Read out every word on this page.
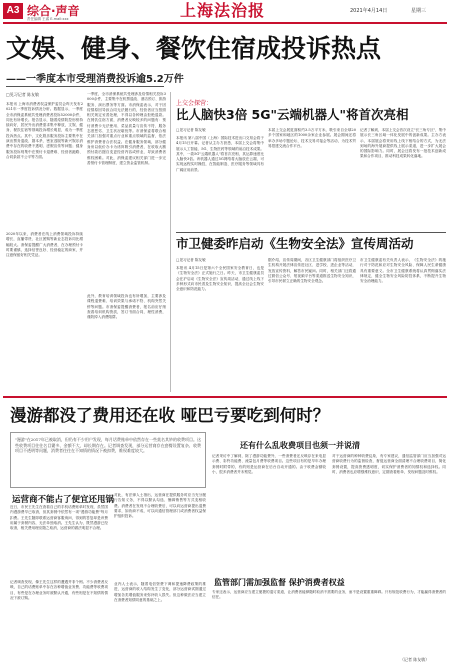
A3 综合·声音
责任编辑 王睿 E-mail:xxx	上海法治报	2021年4月14日	星期三
文娱、健身、餐饮住宿成投诉热点
——一季度本市受理消费投诉逾5.2万件
□见习记者 陈友敏
本报讯 上海市消费者权益保护委员会昨天发布2021年一季度投诉情况分析。数据显示，一季度全市消保委系统共受理消费者投诉52000余件，同比有所增长。报告显示，随着疫情防控形势持续向好，居民外出消费需求集中释放，文娱、健身、餐饮住宿等领域投诉增长明显，成为一季度投诉热点。其中，文化娱乐服务投诉主要集中在演出票务退改、剧本杀、密室逃脱等新兴娱乐消费中存在的收费不透明、虚假宣传等问题；健身服务投诉则集中在预付卡退费难、经营者跑路、合同条款不公平等方面。
2020年以来，消费者在线上消费领域投诉持续增长，直播带货、社区团购等新业态投诉同比增幅较大。消保委提醒广大消费者，在办理预付卡时要谨慎，选择信誉良好、经营稳定的商家，并注意保留好相关凭证。
一季度，全市消保系统共受理涉及疫情相关投诉3000余件，主要集中在机票退改、酒店预订、旅游服务、演出票务等方面。市消保委表示，对于因疫情原因导致合同无法履行的，经营者应当按照相关规定妥善处理，不得以各种理由拒绝退款。在餐饮住宿方面，消费者反映较多的问题有：预付消费卡无法使用、菜品质量与宣传不符、服务态度恶劣、卫生状况堪忧等。市消保委将联合相关部门加强对重点行业和重点领域的监督，依法维护消费者合法权益。在健身服务领域，部分健身房以低价办卡为诱饵吸引消费者，在收取大额预付款后擅自变更经营内容或停业，导致消费者维权困难。对此，消保委建议相关部门进一步完善预付卡管理制度，建立资金监管机制。
此外，教育培训领域投诉也有所增加，主要涉及课程退费难、培训效果与承诺不符、机构突然关停等问题。市消保委提醒消费者，报名前应仔细查看培训机构资质，签订书面合同，理性消费，谨防掉入消费陷阱。
上交会探营：
比人脑快3倍 5G"云端机器人"将首次亮相
□见习记者 陈友敏
本报讯 第八届中国（上海）国际技术进出口交易会将于4月15日开幕。记者从主办方获悉，本届上交会将集中展示人工智能、5G、生物医药等领域的前沿技术成果。其中，一款5G"云端机器人"将首次亮相，其运算速度比人脑快3倍。该机器人通过5G网络将大脑放在云端，可实现远程实时操控，在智能制造、医疗服务等领域具有广阔应用前景。
本届上交会展览面积约3.5万平方米，吸引来自全球20多个国家和地区的1000余家企业参展。展会期间还将举办多场专题论坛、技术交易对接会等活动，为技术贸易搭建交流合作平台。
记者了解到，本届上交会首次设立"长三角专区"，集中展示长三角区域一体化发展中的创新成果。主办方表示，本届展会将采用线上线下相结合的方式，为无法到场的海外展商提供线上展示渠道，进一步扩大展会的国际影响力。同时，展会还将发布一批技术创新成果和合作项目，推动科技成果转化落地。
市卫健委昨启动《生物安全法》宣传周活动
□见习记者 陈友敏
本报讯 4月15日是第六个全民国家安全教育日，也是《生物安全法》正式施行之日。昨天，市卫生健康委员会在沪启动《生物安全法》宣传周活动，通过线上线下多种形式向市民普及生物安全知识，提高全社会生物安全意识和防范能力。
据介绍，宣传周期间，各区卫生健康部门将组织医疗卫生机构开展法律宣传进社区、进学校、进企业等活动，发放宣传资料，解答市民疑问。同时，相关部门还将通过微信公众号、短视频平台等渠道推送生物安全知识，引导市民树立正确的生物安全观念。
市卫生健康委有关负责人表示，《生物安全法》的施行对于防范和应对生物安全风险、保障人民生命健康具有重要意义。全市卫生健康系统将认真贯彻落实法律规定，健全生物安全风险防控体系，不断提升生物安全治理能力。
漫游都没了费用还在收 哑巴亏要吃到何时？
"漫游"在2017年已被取消，但仍有不少用户发现，每月话费账单中依然存在一些莫名其妙的收费项目。这些收费项目往往名目繁多、金额不大，却长期存在。记者调查发现，部分运营商存在套餐设置复杂、收费项目不透明等问题，消费者往往在不知情的情况下被扣费，维权难度较大。
运营商不能占了便宜还甩锅
近日，市民王先生在查看自己的手机话费账单时发现，虽然国内漫游费早已取消，但其套餐中依然有一项"漫游功能费"每月扣费。王先生随即联系运营商客服询问，得到的答复却是该费用属于套餐内容，无法单独取消。王先生认为，既然漫游已经取消，相关费用理应随之取消，运营商的做法明显不合理。
记者调查发现，像王先生这样的遭遇并非个例。不少消费者反映，自己的话费账单中存在各种增值业务费、功能费等收费项目，有些是在办理业务时被默认开通，有些则是在不知情的情况下被订购。
对此，有法律人士指出，运营商在提供服务时应当充分履行告知义务，不得以默认勾选、捆绑销售等方式变相收费。消费者在发现不合理收费后，可以向运营商提出退费要求，如协商不成，可以向通信管理部门或消费者权益保护组织投诉。
业内人士表示，随着电信资费下调和提速降费政策的推进，运营商的收入结构发生了变化，部分运营商试图通过增加各类增值服务来弥补收入损失。但这种做法应当建立在消费者知情同意的基础之上。
还有什么乱收费项目也须一并说清
记者采访中了解到，除了漫游功能费外，一些消费者还反映存在来电显示费、彩铃功能费、流量包月费等收费项目。这些项目有的是早年办理套餐时附带的，有的则是运营商在后台自动开通的。由于收费金额较小，很多消费者并未察觉。
监管部门需加强监督 保护消费者权益
对于运营商的种种收费乱象，有专家建议，通信监管部门应当加强对运营商收费行为的监督检查，督促运营商全面清理不合理收费项目，简化套餐设置，提高资费透明度，切实保护消费者的知情权和选择权。同时，消费者也应增强维权意识，定期查看账单，发现问题及时维权。
专家还表示，运营商应当建立便捷的退订渠道，让消费者能够随时取消不需要的业务，而不是设置重重障碍。只有规范收费行为，才能赢得消费者的信任。
（记者 陈友敏）
